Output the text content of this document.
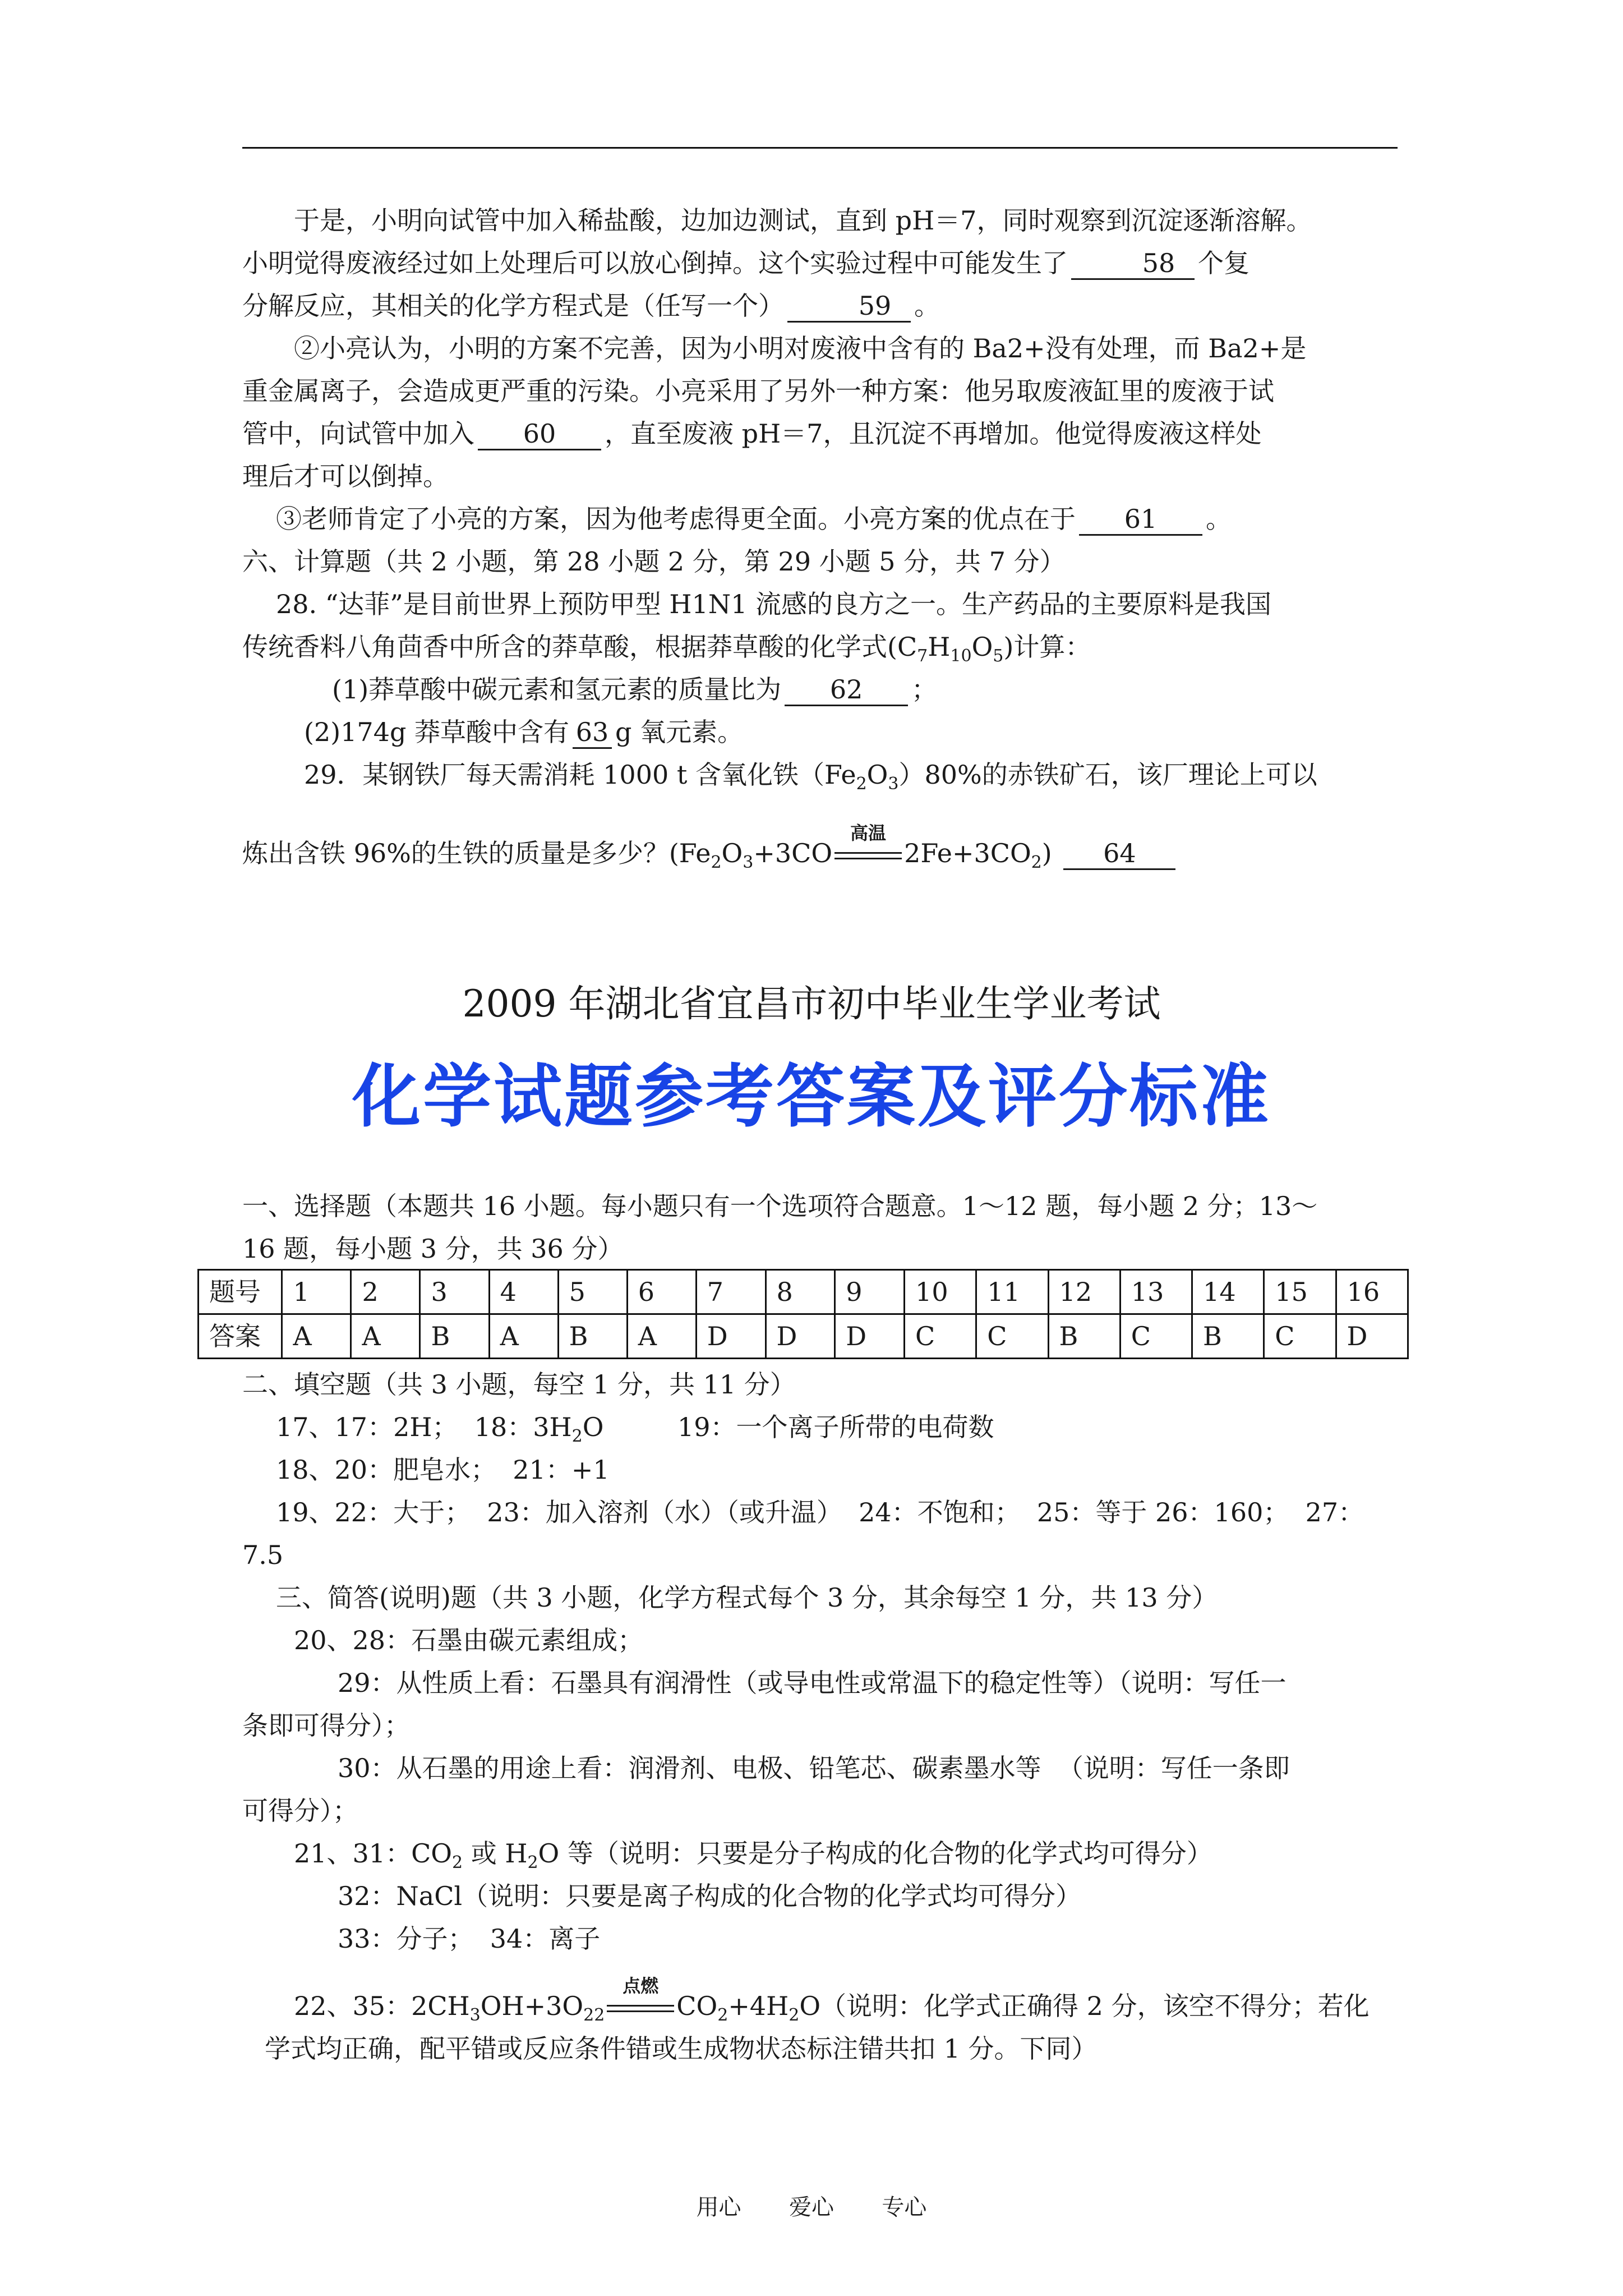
于是，小明向试管中加入稀盐酸，边加边测试，直到 pH＝7，同时观察到沉淀逐渐溶解。
小明觉得废液经过如上处理后可以放心倒掉。这个实验过程中可能发生了	58 个复
分解反应，其相关的化学方程式是（任写一个）	59 。

②小亮认为，小明的方案不完善，因为小明对废液中含有的 Ba2+没有处理，而 Ba2+是
重金属离子，会造成更严重的污染。小亮采用了另外一种方案：他另取废液缸里的废液于试
管中，向试管中加入 60 ，直至废液 pH＝7，且沉淀不再增加。他觉得废液这样处
理后才可以倒掉。
③老师肯定了小亮的方案，因为他考虑得更全面。小亮方案的优点在于 61 。
六、计算题（共 2 小题，第 28 小题 2 分，第 29 小题 5 分，共 7 分）
28. “达菲”是目前世界上预防甲型 H1N1 流感的良方之一。生产药品的主要原料是我国
传统香料八角茴香中所含的莽草酸，根据莽草酸的化学式$(C_7H_{10}O_5)$计算：
(1)莽草酸中碳元素和氢元素的质量比为 62 ；
(2)174g 莽草酸中含有 63 g 氧元素。
29．某钢铁厂每天需消耗 1000 t 含氧化铁$(Fe_2O_3)80\%$的赤铁矿石，该厂理论上可以
炼出含铁 96%的生铁的质量是多少？($Fe_2O_3+3CO$
高温
$2Fe+3CO_2$) 64
2009 年湖北省宜昌市初中毕业生学业考试
化学试题参考答案及评分标准
一、选择题（本题共 16 小题。每小题只有一个选项符合题意。1～12 题，每小题 2 分；13～
16 题，每小题 3 分，共 36 分）
题号	1	2	3	4	5	6	7	8	9	10	11	12	13	14	15	16
答案	A	A	B	A	B	A	D	D	D	C	C	B	C	B	C	D
二、填空题（共 3 小题，每空 1 分，共 11 分）
17、17：2H；  18：$3H_2O$         19：一个离子所带的电荷数
18、20：肥皂水；  21：+1
19、22：大于；  23：加入溶剂（水）（或升温）  24：不饱和；  25：等于 26：160；  27：
7.5
三、简答(说明)题（共 3 小题，化学方程式每个 3 分，其余每空 1 分，共 13 分）
20、28：石墨由碳元素组成；
29：从性质上看：石墨具有润滑性（或导电性或常温下的稳定性等）（说明：写任一
条即可得分）；
30：从石墨的用途上看：润滑剂、电极、铅笔芯、碳素墨水等  （说明：写任一条即
可得分）；
21、31：$CO_2$ 或 $H_2O$ 等（说明：只要是分子构成的化合物的化学式均可得分）
32：NaCl（说明：只要是离子构成的化合物的化学式均可得分）
33：分子；  34：离子
22、35：$2CH_3OH+3O_{22}$
点燃
$CO_2+4H_2O$（说明：化学式正确得 2 分，该空不得分；若化
学式均正确，配平错或反应条件错或生成物状态标注错共扣 1 分。下同）
用心  爱心  专心
